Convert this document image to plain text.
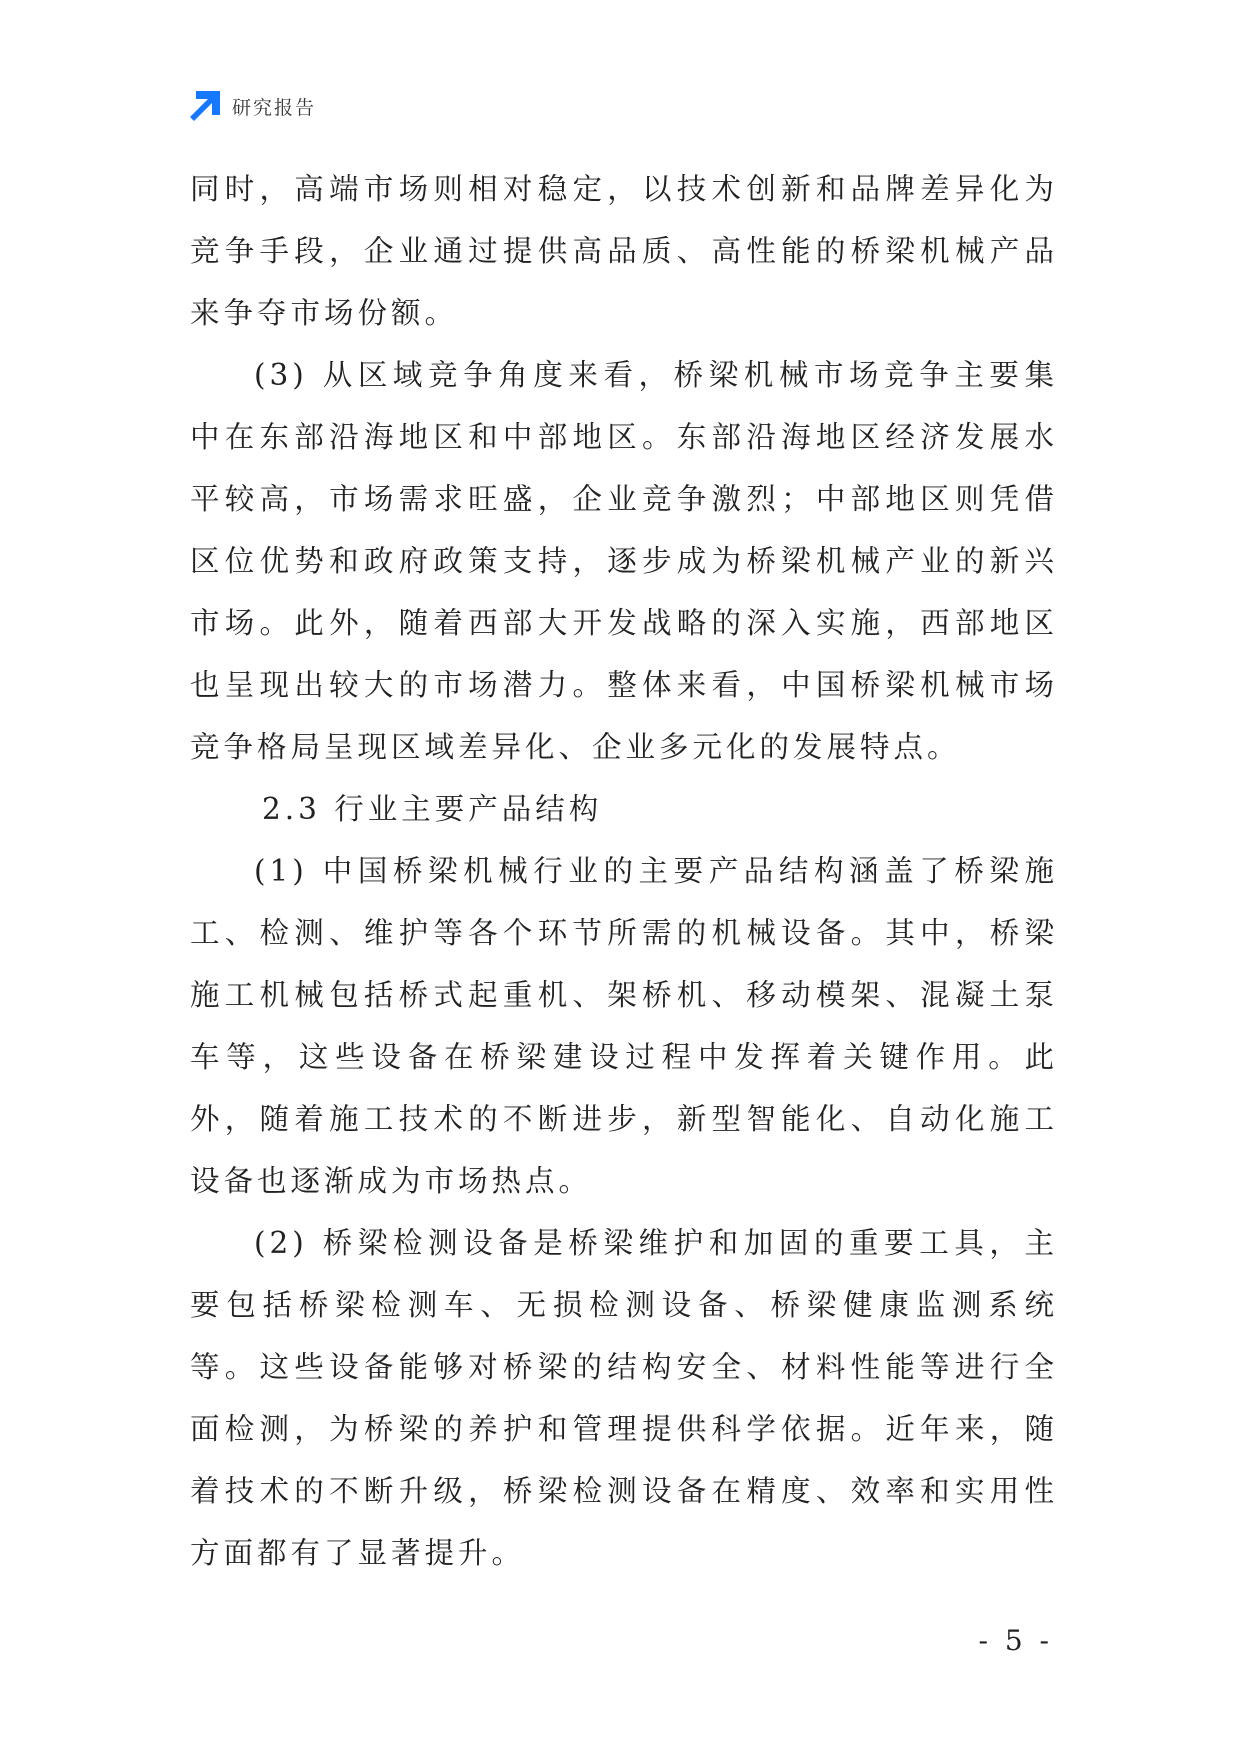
研究报告

同时，高端市场则相对稳定，以技术创新和品牌差异化为竞争手段，企业通过提供高品质、高性能的桥梁机械产品来争夺市场份额。

(3) 从区域竞争角度来看，桥梁机械市场竞争主要集中在东部沿海地区和中部地区。东部沿海地区经济发展水平较高，市场需求旺盛，企业竞争激烈；中部地区则凭借区位优势和政府政策支持，逐步成为桥梁机械产业的新兴市场。此外，随着西部大开发战略的深入实施，西部地区也呈现出较大的市场潜力。整体来看，中国桥梁机械市场竞争格局呈现区域差异化、企业多元化的发展特点。

2.3 行业主要产品结构

(1) 中国桥梁机械行业的主要产品结构涵盖了桥梁施工、检测、维护等各个环节所需的机械设备。其中，桥梁施工机械包括桥式起重机、架桥机、移动模架、混凝土泵车等，这些设备在桥梁建设过程中发挥着关键作用。此外，随着施工技术的不断进步，新型智能化、自动化施工设备也逐渐成为市场热点。

(2) 桥梁检测设备是桥梁维护和加固的重要工具，主要包括桥梁检测车、无损检测设备、桥梁健康监测系统等。这些设备能够对桥梁的结构安全、材料性能等进行全面检测，为桥梁的养护和管理提供科学依据。近年来，随着技术的不断升级，桥梁检测设备在精度、效率和实用性方面都有了显著提升。

- 5 -
